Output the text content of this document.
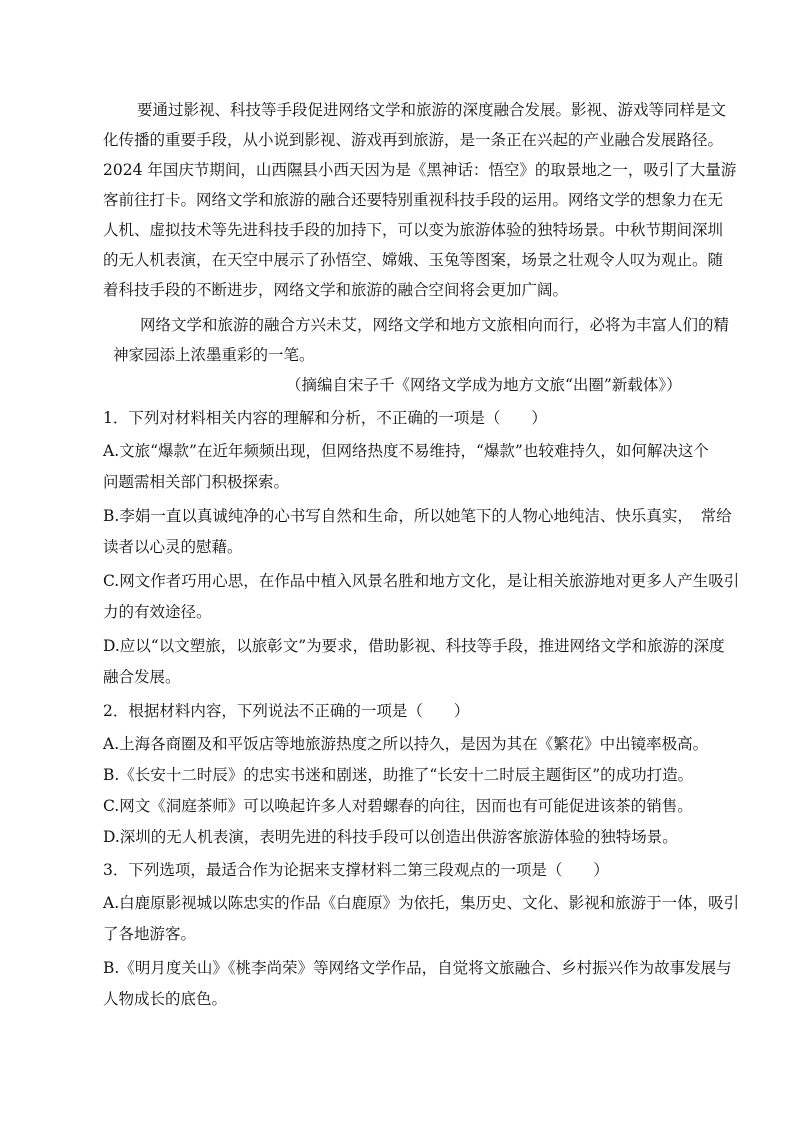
要通过影视、科技等手段促进网络文学和旅游的深度融合发展。影视、游戏等同样是文
化传播的重要手段，从小说到影视、游戏再到旅游，是一条正在兴起的产业融合发展路径。
2024 年国庆节期间，山西隰县小西天因为是《黑神话：悟空》的取景地之一，吸引了大量游
客前往打卡。网络文学和旅游的融合还要特别重视科技手段的运用。网络文学的想象力在无
人机、虚拟技术等先进科技手段的加持下，可以变为旅游体验的独特场景。中秋节期间深圳
的无人机表演，在天空中展示了孙悟空、嫦娥、玉兔等图案，场景之壮观令人叹为观止。随
着科技手段的不断进步，网络文学和旅游的融合空间将会更加广阔。
网络文学和旅游的融合方兴未艾，网络文学和地方文旅相向而行，必将为丰富人们的精
神家园添上浓墨重彩的一笔。
（摘编自宋子千《网络文学成为地方文旅“出圈”新载体》）
1．下列对材料相关内容的理解和分析，不正确的一项是（　　）
A.文旅“爆款”在近年频频出现，但网络热度不易维持，“爆款”也较难持久，如何解决这个
问题需相关部门积极探索。
B.李娟一直以真诚纯净的心书写自然和生命，所以她笔下的人物心地纯洁、快乐真实，　常给
读者以心灵的慰藉。
C.网文作者巧用心思，在作品中植入风景名胜和地方文化，是让相关旅游地对更多人产生吸引
力的有效途径。
D.应以“以文塑旅，以旅彰文”为要求，借助影视、科技等手段，推进网络文学和旅游的深度
融合发展。
2．根据材料内容，下列说法不正确的一项是（　　）
A.上海各商圈及和平饭店等地旅游热度之所以持久，是因为其在《繁花》中出镜率极高。
B.《长安十二时辰》的忠实书迷和剧迷，助推了“长安十二时辰主题街区”的成功打造。
C.网文《洞庭茶师》可以唤起许多人对碧螺春的向往，因而也有可能促进该茶的销售。
D.深圳的无人机表演，表明先进的科技手段可以创造出供游客旅游体验的独特场景。
3．下列选项，最适合作为论据来支撑材料二第三段观点的一项是（　　）
A.白鹿原影视城以陈忠实的作品《白鹿原》为依托，集历史、文化、影视和旅游于一体，吸引
了各地游客。
B.《明月度关山》《桃李尚荣》等网络文学作品，自觉将文旅融合、乡村振兴作为故事发展与
人物成长的底色。
